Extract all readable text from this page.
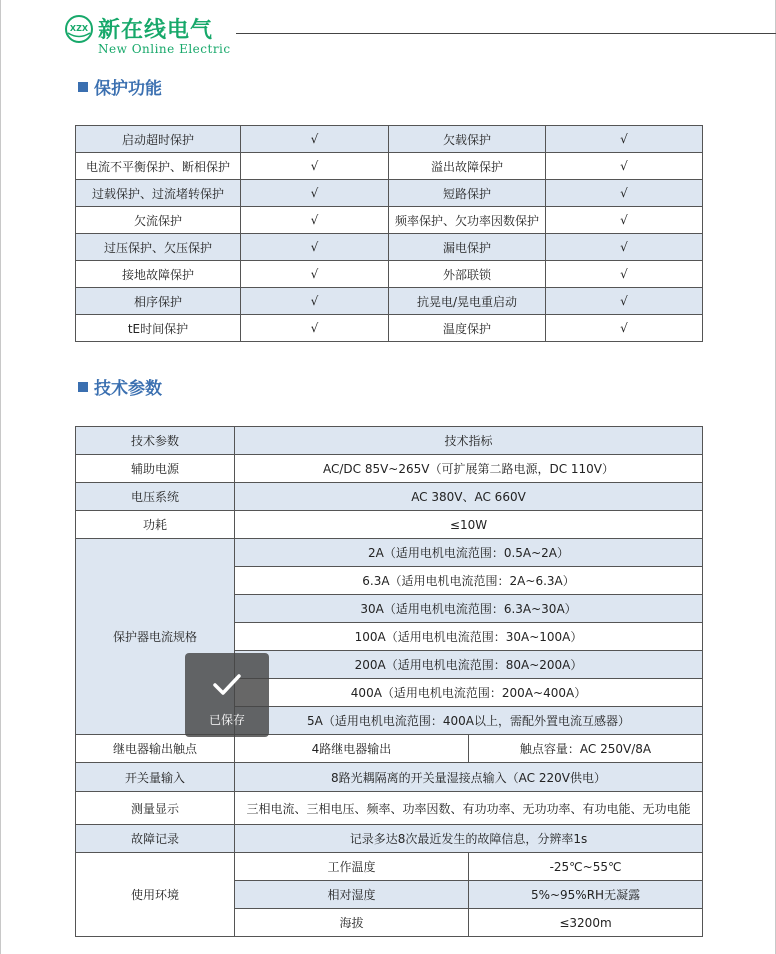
XZX 新在线电气
New Online Electric
保护功能
启动超时保护	√	欠载保护	√
电流不平衡保护、断相保护	√	溢出故障保护	√
过载保护、过流堵转保护	√	短路保护	√
欠流保护	√	频率保护、欠功率因数保护	√
过压保护、欠压保护	√	漏电保护	√
接地故障保护	√	外部联锁	√
相序保护	√	抗晃电/晃电重启动	√
tE时间保护	√	温度保护	√
技术参数
技术参数	技术指标	
辅助电源	AC/DC 85V~265V（可扩展第二路电源，DC 110V）	
电压系统	AC 380V、AC 660V	
功耗	≤10W	
保护器电流规格	2A（适用电机电流范围：0.5A~2A）	
	6.3A（适用电机电流范围：2A~6.3A）	
	30A（适用电机电流范围：6.3A~30A）	
	100A（适用电机电流范围：30A~100A）	
	200A（适用电机电流范围：80A~200A）	
	400A（适用电机电流范围：200A~400A）	
	5A（适用电机电流范围：400A以上，需配外置电流互感器）	
继电器输出触点	4路继电器输出	触点容量：AC 250V/8A
开关量输入	8路光耦隔离的开关量湿接点输入（AC 220V供电）	
测量显示	三相电流、三相电压、频率、功率因数、有功功率、无功功率、有功电能、无功电能	
故障记录	记录多达8次最近发生的故障信息，分辨率1s	
使用环境	工作温度	-25℃~55℃
	相对湿度	5%~95%RH无凝露
	海拔	≤3200m
已保存
